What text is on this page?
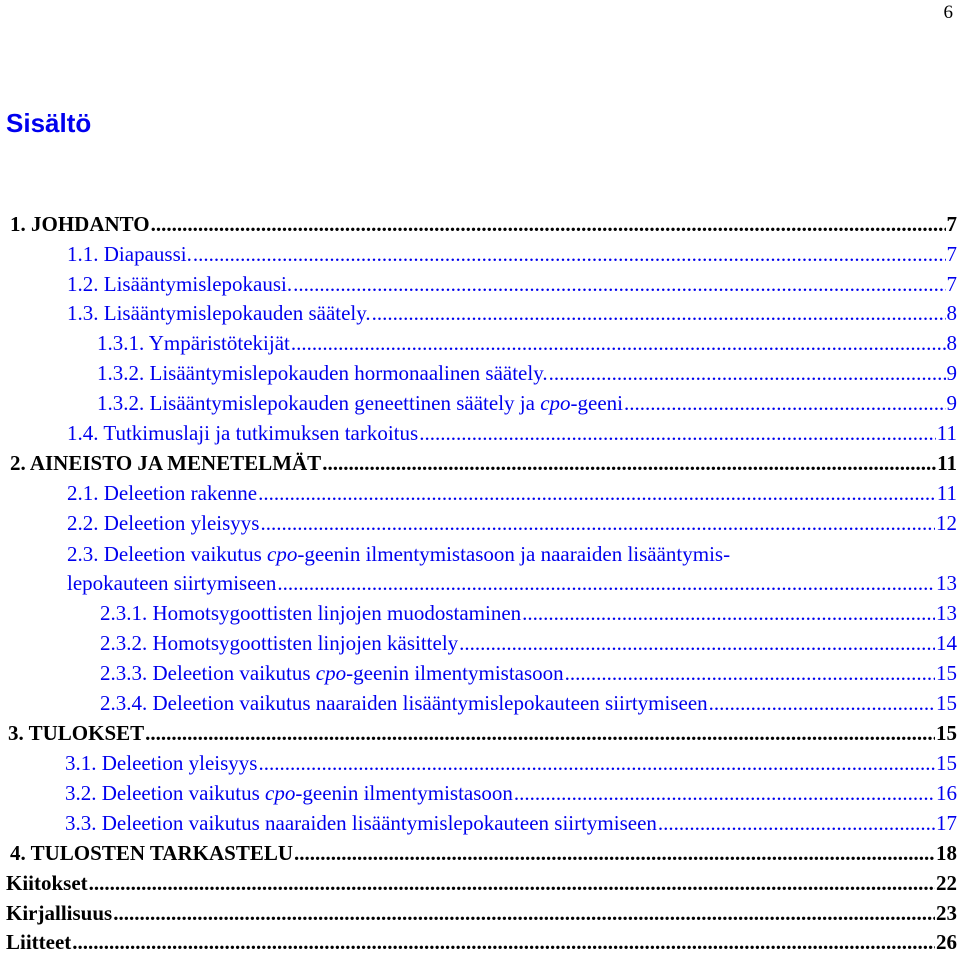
6
Sisältö
1. JOHDANTO .....	7
1.1. Diapaussi. .....	7
1.2. Lisääntymislepokausi. .....	7
1.3. Lisääntymislepokauden säätely. .....	8
1.3.1. Ympäristötekijät .....	8
1.3.2. Lisääntymislepokauden hormonaalinen säätely. .....	9
1.3.2. Lisääntymislepokauden geneettinen säätely ja cpo-geeni .....	9
1.4. Tutkimuslaji ja tutkimuksen tarkoitus .....	11
2. AINEISTO JA MENETELMÄT .....	11
2.1. Deleetion rakenne .....	11
2.2. Deleetion yleisyys .....	12
2.3. Deleetion vaikutus cpo-geenin ilmentymistasoon ja naaraiden lisääntymis-
lepokauteen siirtymiseen .....	13
2.3.1. Homotsygoottisten linjojen muodostaminen .....	13
2.3.2. Homotsygoottisten linjojen käsittely .....	14
2.3.3. Deleetion vaikutus cpo-geenin ilmentymistasoon .....	15
2.3.4. Deleetion vaikutus naaraiden lisääntymislepokauteen siirtymiseen .....	15
3. TULOKSET .....	15
3.1. Deleetion yleisyys .....	15
3.2. Deleetion vaikutus cpo-geenin ilmentymistasoon .....	16
3.3. Deleetion vaikutus naaraiden lisääntymislepokauteen siirtymiseen .....	17
4. TULOSTEN TARKASTELU .....	18
Kiitokset .....	22
Kirjallisuus .....	23
Liitteet .....	26
